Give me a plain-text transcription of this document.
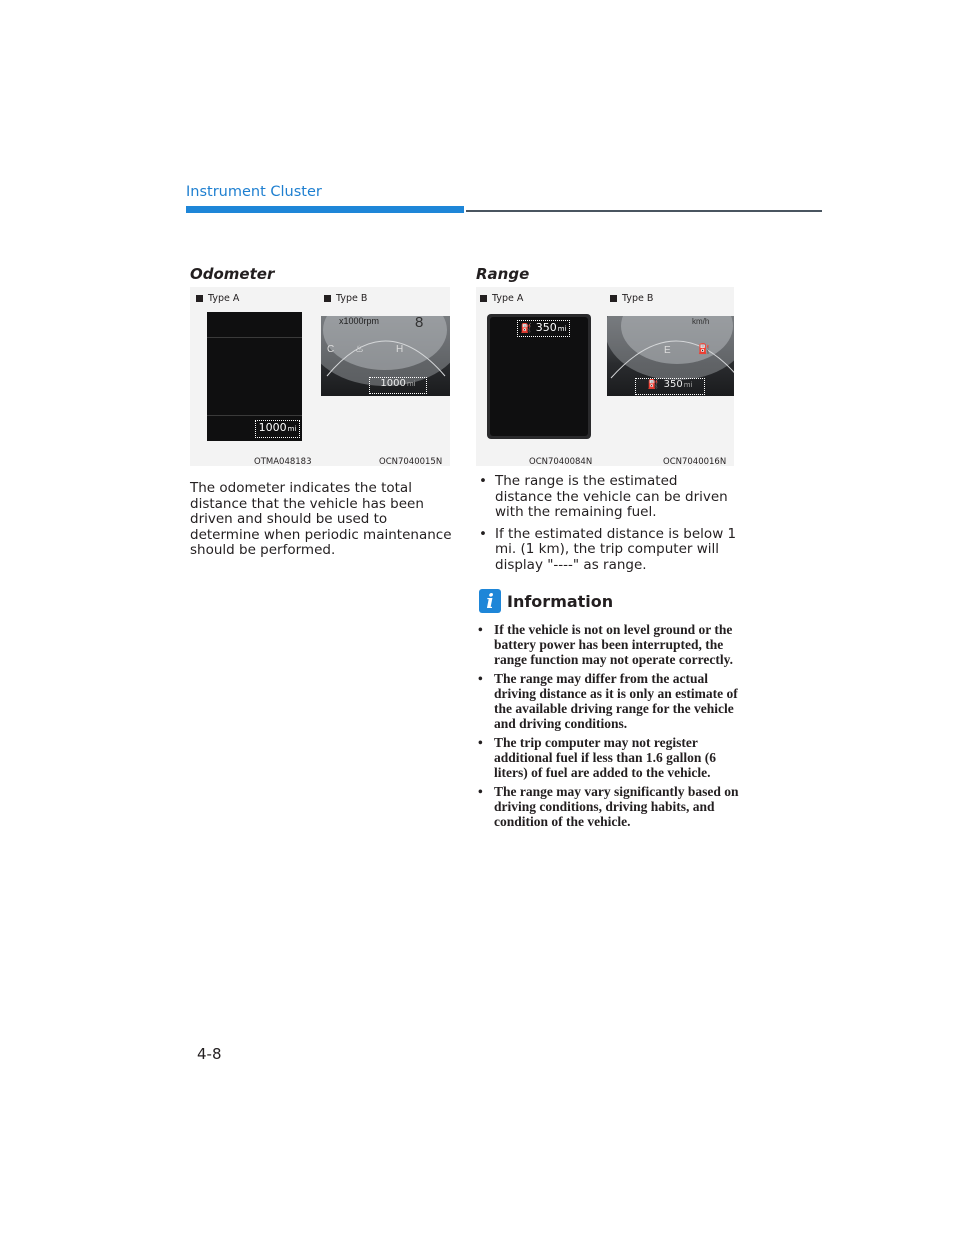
Instrument Cluster
Odometer
Type A	Type B
1000 mi
x1000rpm 8
C	H
♨
1000 mi
OTMA048183	OCN7040015N

The odometer indicates the total distance that the vehicle has been driven and should be used to determine when periodic maintenance should be performed.

Range
Type A	Type B
⛽ 350 mi
km/h
E	⛽
⛽ 350 mi
OCN7040084N	OCN7040016N
• The range is the estimated distance the vehicle can be driven with the remaining fuel.
• If the estimated distance is below 1 mi. (1 km), the trip computer will display "----" as range.
i Information
• If the vehicle is not on level ground or the battery power has been interrupted, the range function may not operate correctly.
• The range may differ from the actual driving distance as it is only an estimate of the available driving range for the vehicle and driving conditions.
• The trip computer may not register additional fuel if less than 1.6 gallon (6 liters) of fuel are added to the vehicle.
• The range may vary significantly based on driving conditions, driving habits, and condition of the vehicle.
4-8
